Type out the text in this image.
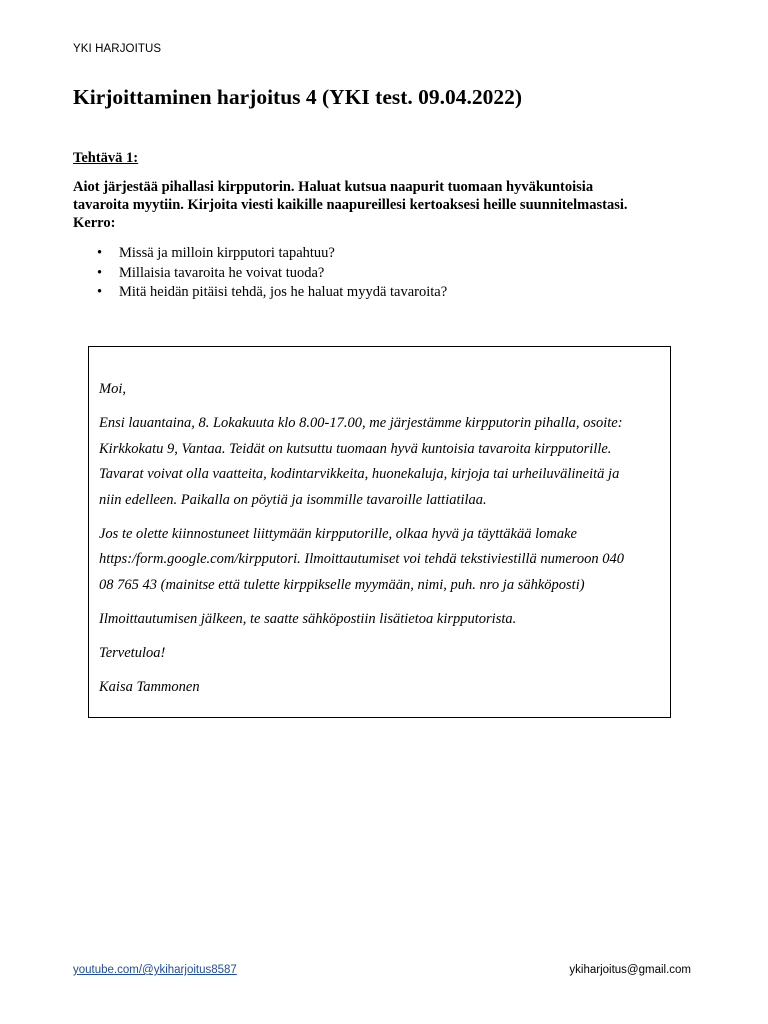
YKI HARJOITUS
Kirjoittaminen harjoitus 4 (YKI test. 09.04.2022)
Tehtävä 1:
Aiot järjestää pihallasi kirpputorin. Haluat kutsua naapurit tuomaan hyväkuntoisia
tavaroita myytiin. Kirjoita viesti kaikille naapureillesi kertoaksesi heille suunnitelmastasi.
Kerro:
• Missä ja milloin kirpputori tapahtuu?
• Millaisia tavaroita he voivat tuoda?
• Mitä heidän pitäisi tehdä, jos he haluat myydä tavaroita?

Moi,

Ensi lauantaina, 8. Lokakuuta klo 8.00-17.00, me järjestämme kirpputorin pihalla, osoite:
Kirkkokatu 9, Vantaa. Teidät on kutsuttu tuomaan hyvä kuntoisia tavaroita kirpputorille.
Tavarat voivat olla vaatteita, kodintarvikkeita, huonekaluja, kirjoja tai urheiluvälineitä ja
niin edelleen. Paikalla on pöytiä ja isommille tavaroille lattiatilaa.

Jos te olette kiinnostuneet liittymään kirpputorille, olkaa hyvä ja täyttäkää lomake
https:/form.google.com/kirpputori. Ilmoittautumiset voi tehdä tekstiviestillä numeroon 040
08 765 43 (mainitse että tulette kirppikselle myymään, nimi, puh. nro ja sähköposti)

Ilmoittautumisen jälkeen, te saatte sähköpostiin lisätietoa kirpputorista.

Tervetuloa!

Kaisa Tammonen

youtube.com/@ykiharjoitus8587	ykiharjoitus@gmail.com
